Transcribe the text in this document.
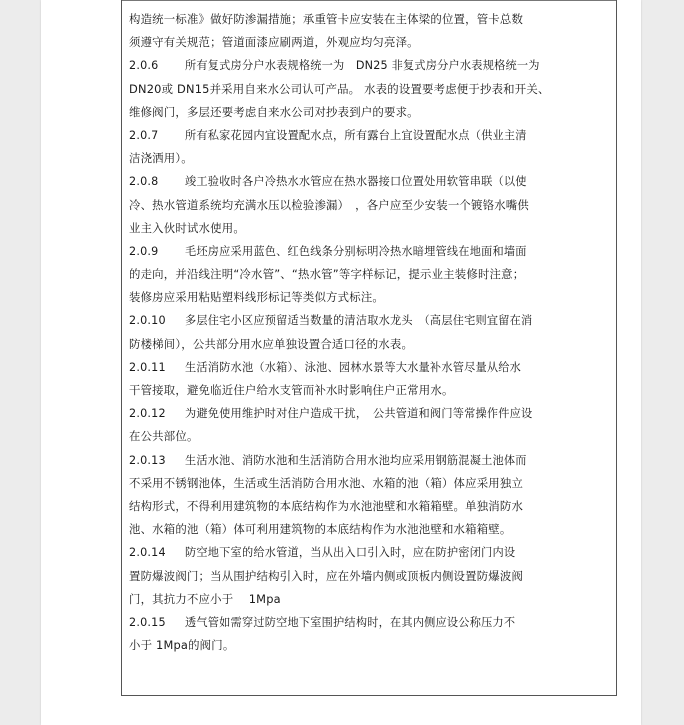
构造统一标准》做好防渗漏措施；承重管卡应安装在主体梁的位置，管卡总数
须遵守有关规范；管道面漆应刷两道，外观应均匀亮泽。
2.0.6 所有复式房分户水表规格统一为　DN25 非复式房分户水表规格统一为
DN20或 DN15并采用自来水公司认可产品。 水表的设置要考虑便于抄表和开关、
维修阀门，多层还要考虑自来水公司对抄表到户的要求。
2.0.7 所有私家花园内宜设置配水点，所有露台上宜设置配水点（供业主清
洁浇洒用）。
2.0.8 竣工验收时各户冷热水水管应在热水器接口位置处用软管串联（以使
冷、热水管道系统均充满水压以检验渗漏）　，各户应至少安装一个镀铬水嘴供
业主入伙时试水使用。
2.0.9 毛坯房应采用蓝色、红色线条分别标明冷热水暗埋管线在地面和墙面
的走向，并沿线注明“冷水管”、“热水管”等字样标记，提示业主装修时注意；
装修房应采用粘贴塑料线形标记等类似方式标注。
2.0.10 多层住宅小区应预留适当数量的清洁取水龙头　（高层住宅则宜留在消
防楼梯间），公共部分用水应单独设置合适口径的水表。
2.0.11 生活消防水池（水箱）、泳池、园林水景等大水量补水管尽量从给水
干管接取，避免临近住户给水支管而补水时影响住户正常用水。
2.0.12 为避免使用维护时对住户造成干扰，　公共管道和阀门等常操作件应设
在公共部位。
2.0.13 生活水池、消防水池和生活消防合用水池均应采用钢筋混凝土池体而
不采用不锈钢池体，生活或生活消防合用水池、水箱的池（箱）体应采用独立
结构形式，不得利用建筑物的本底结构作为水池池壁和水箱箱壁。单独消防水
池、水箱的池（箱）体可利用建筑物的本底结构作为水池池壁和水箱箱壁。
2.0.14 防空地下室的给水管道，当从出入口引入时，应在防护密闭门内设
置防爆波阀门；当从围护结构引入时，应在外墙内侧或顶板内侧设置防爆波阀
门，其抗力不应小于　 1Mpa
2.0.15 透气管如需穿过防空地下室围护结构时，在其内侧应设公称压力不
小于 1Mpa的阀门。
